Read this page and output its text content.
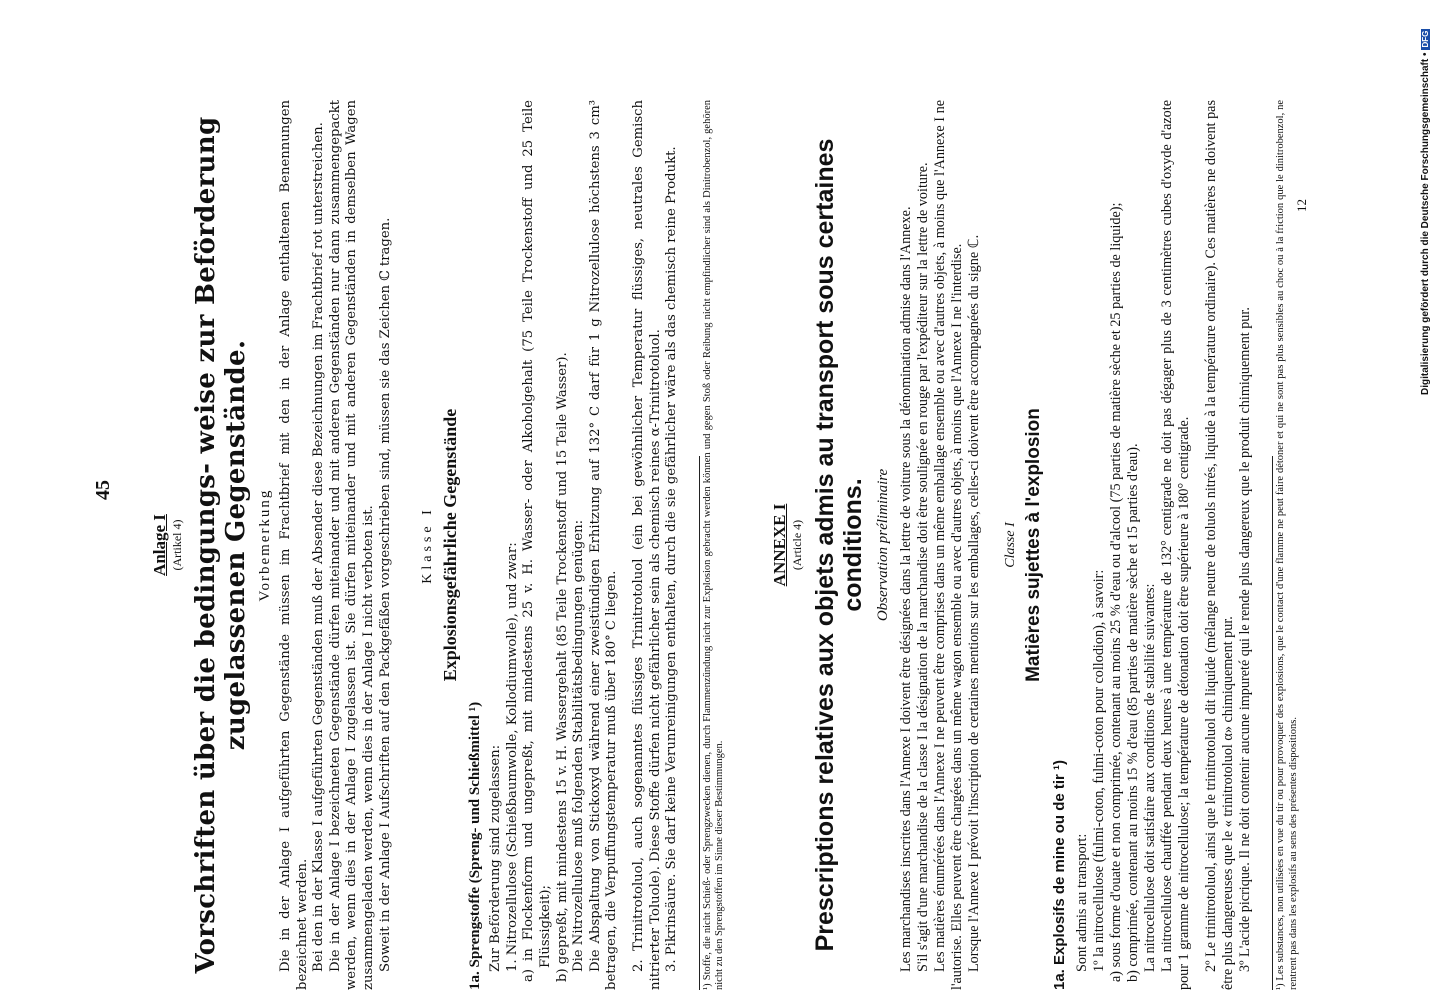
45
12	Digitalisierung gefördert durch die Deutsche Forschungsgemeinschaft •DFG
Anlage I (Artikel 4) Vorschriften über die bedingungs- weise zur Beförderung zugelassenen Gegenstände. Vorbemerkung Die in der Anlage I aufgeführten Gegenstände müssen im Frachtbrief mit den in der Anlage enthaltenen Benennungen bezeichnet werden. Bei den in der Klasse I aufgeführten Gegenständen muß der Absender diese Bezeichnungen im Frachtbrief rot unterstreichen. Die in der Anlage I bezeichneten Gegenstände dürfen miteinander und mit anderen Gegenständen nur dann zusammengepackt werden, wenn dies in der Anlage I zugelassen ist. Sie dürfen miteinander und mit anderen Gegenständen in demselben Wagen zusammengeladen werden, wenn dies in der Anlage I nicht verboten ist. Soweit in der Anlage I Aufschriften auf den Packgefäßen vorgeschrieben sind, müssen sie das Zeichen ℂ tragen. Klasse I Explosionsgefährliche Gegenstände
1a. Sprengstoffe (Spreng- und Schießmittel ¹) Zur Beförderung sind zugelassen: 1. Nitrozellulose (Schießbaumwolle, Kollodiumwolle), und zwar: a) in Flockenform und ungepreßt, mit mindestens 25 v. H. Wasser- oder Alkoholgehalt (75 Teile Trockenstoff und 25 Teile Flüssigkeit); b) gepreßt, mit mindestens 15 v. H. Wassergehalt (85 Teile Trockenstoff und 15 Teile Wasser). Die Nitrozellulose muß folgenden Stabilitätsbedingungen genügen: Die Abspaltung von Stickoxyd während einer zweistündigen Erhitzung auf 132° C darf für 1 g Nitrozellulose höchstens 3 cm³ betragen, die Verpuffungstemperatur muß über 180° C liegen. 2. Trinitrotoluol, auch sogenanntes flüssiges Trinitrotoluol (ein bei gewöhnlicher Temperatur flüssiges, neutrales Gemisch nitrierter Toluole). Diese Stoffe dürfen nicht gefährlicher sein als chemisch reines α-Trinitrotoluol. 3. Pikrinsäure. Sie darf keine Verunreinigungen enthalten, durch die sie gefährlicher wäre als das chemisch reine Produkt. ¹) Stoffe, die nicht Schieß- oder Sprengzwecken dienen, durch Flammenzündung nicht zur Explosion gebracht werden können und gegen Stoß oder Reibung nicht empfindlicher sind als Dinitrobenzol, gehören nicht zu den Sprengstoffen im Sinne dieser Bestimmungen.
ANNEXE I (Article 4) Prescriptions relatives aux objets admis au transport sous certaines conditions. Observation préliminaire Les marchandises inscrites dans l'Annexe I doivent être désignées dans la lettre de voiture sous la dénomination admise dans l'Annexe. S'il s'agit d'une marchandise de la classe I la désignation de la marchandise doit être soulignée en rouge par l'expéditeur sur la lettre de voiture. Les matières énumérées dans l'Annexe I ne peuvent être comprises dans un même emballage ensemble ou avec d'autres objets, à moins que l'Annexe I ne l'autorise. Elles peuvent être chargées dans un même wagon ensemble ou avec d'autres objets, à moins que l'Annexe I ne l'interdise. Lorsque l'Annexe I prévoit l'inscription de certaines mentions sur les emballages, celles-ci doivent être accompagnées du signe ℂ. Classe I Matières sujettes à l'explosion
1a. Explosifs de mine ou de tir ¹) Sont admis au transport: 1º la nitrocellulose (fulmi-coton, fulmi-coton pour collodion), à savoir: a) sous forme d'ouate et non comprimée, contenant au moins 25 % d'eau ou d'alcool (75 parties de matière sèche et 25 parties de liquide); b) comprimée, contenant au moins 15 % d'eau (85 parties de matière sèche et 15 parties d'eau). La nitrocellulose doit satisfaire aux conditions de stabilité suivantes: La nitrocellulose chauffée pendant deux heures à une température de 132° centigrade ne doit pas dégager plus de 3 centimètres cubes d'oxyde d'azote pour 1 gramme de nitrocellulose; la température de détonation doit être supérieure à 180° centigrade. 2º Le trinitrotoluol, ainsi que le trinitrotoluol dit liquide (mélange neutre de toluols nitrés, liquide à la température ordinaire). Ces matières ne doivent pas être plus dangereuses que le « trinitrotoluol α» chimiquement pur. 3º L'acide picrique. Il ne doit contenir aucune impureté qui le rende plus dangereux que le produit chimiquement pur. ¹) Les substances, non utilisées en vue du tir ou pour provoquer des explosions, que le contact d'une flamme ne peut faire détoner et qui ne sont pas plus sensibles au choc ou à la friction que le dinitrobenzol, ne rentrent pas dans les explosifs au sens des présentes dispositions.
